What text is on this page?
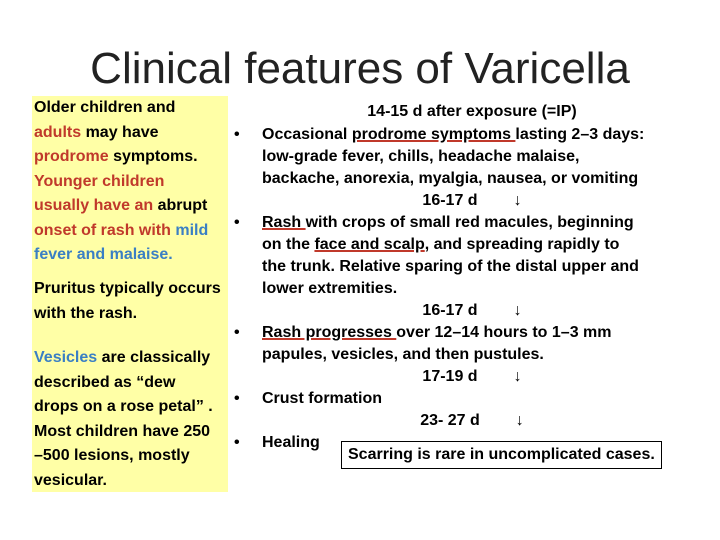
Clinical features of Varicella

Older children and

adults may have

prodrome symptoms.

Younger children

usually have an abrupt

onset of rash with mild

fever and malaise.

Pruritus typically occurs

with the rash.

Vesicles are classically

described as “dew

drops on a rose petal” .

Most children have 250

–500 lesions, mostly

vesicular.

14-15 d after exposure (=IP)
• Occasional prodrome symptoms lasting 2–3 days:
low-grade fever, chills, headache malaise,
backache, anorexia, myalgia, nausea, or vomiting
16-17 d ↓
• Rash with crops of small red macules, beginning
on the face and scalp, and spreading rapidly to
the trunk. Relative sparing of the distal upper and
lower extremities.
16-17 d ↓
• Rash progresses over 12–14 hours to 1–3 mm
papules, vesicles, and then pustules.
17-19 d ↓
• Crust formation
23- 27 d ↓
• Healing
Scarring is rare in uncomplicated cases.
